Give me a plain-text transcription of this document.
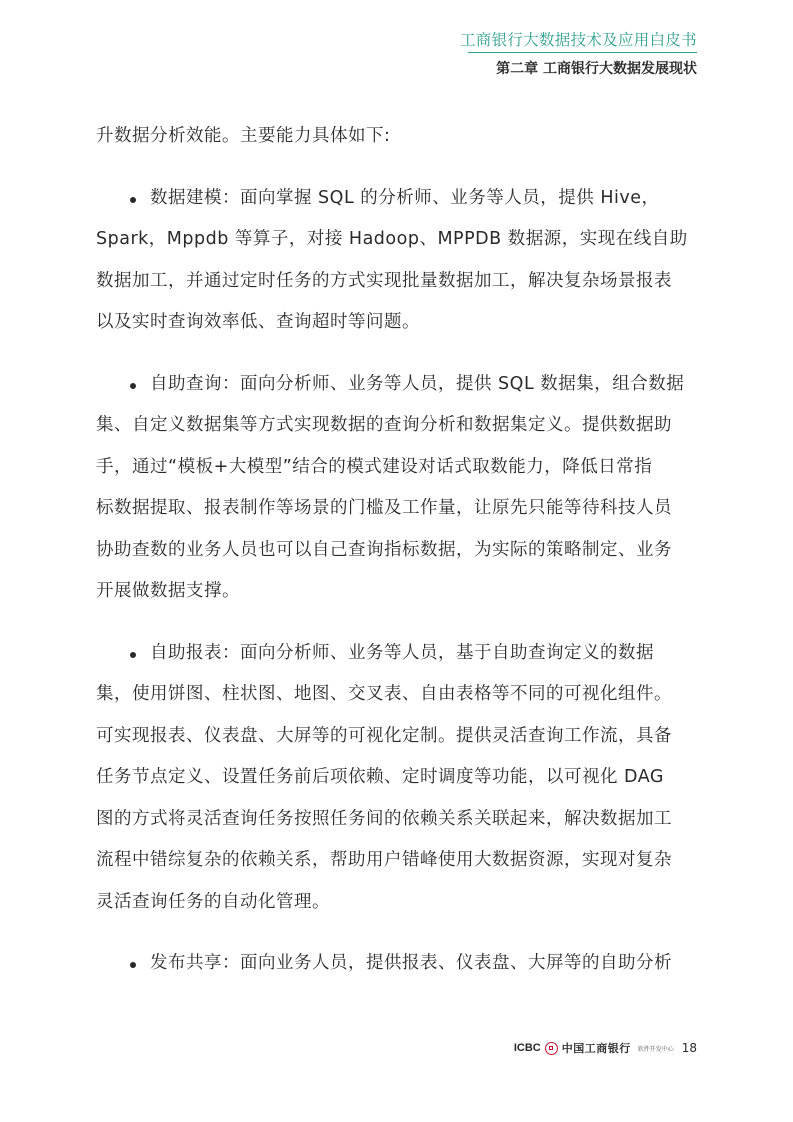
工商银行大数据技术及应用白皮书
第二章 工商银行大数据发展现状
升数据分析效能。主要能力具体如下:
数据建模：面向掌握 SQL 的分析师、业务等人员，提供 Hive，
Spark，Mppdb 等算子，对接 Hadoop、MPPDB 数据源，实现在线自助
数据加工，并通过定时任务的方式实现批量数据加工，解决复杂场景报表
以及实时查询效率低、查询超时等问题。
自助查询：面向分析师、业务等人员，提供 SQL 数据集，组合数据
集、自定义数据集等方式实现数据的查询分析和数据集定义。提供数据助
手，通过“模板+大模型”结合的模式建设对话式取数能力，降低日常指
标数据提取、报表制作等场景的门槛及工作量，让原先只能等待科技人员
协助查数的业务人员也可以自己查询指标数据，为实际的策略制定、业务
开展做数据支撑。
自助报表：面向分析师、业务等人员，基于自助查询定义的数据
集，使用饼图、柱状图、地图、交叉表、自由表格等不同的可视化组件。
可实现报表、仪表盘、大屏等的可视化定制。提供灵活查询工作流，具备
任务节点定义、设置任务前后项依赖、定时调度等功能，以可视化 DAG
图的方式将灵活查询任务按照任务间的依赖关系关联起来，解决数据加工
流程中错综复杂的依赖关系，帮助用户错峰使用大数据资源，实现对复杂
灵活查询任务的自动化管理。
发布共享：面向业务人员，提供报表、仪表盘、大屏等的自助分析
ICBC 中国工商银行 软件开发中心 18
